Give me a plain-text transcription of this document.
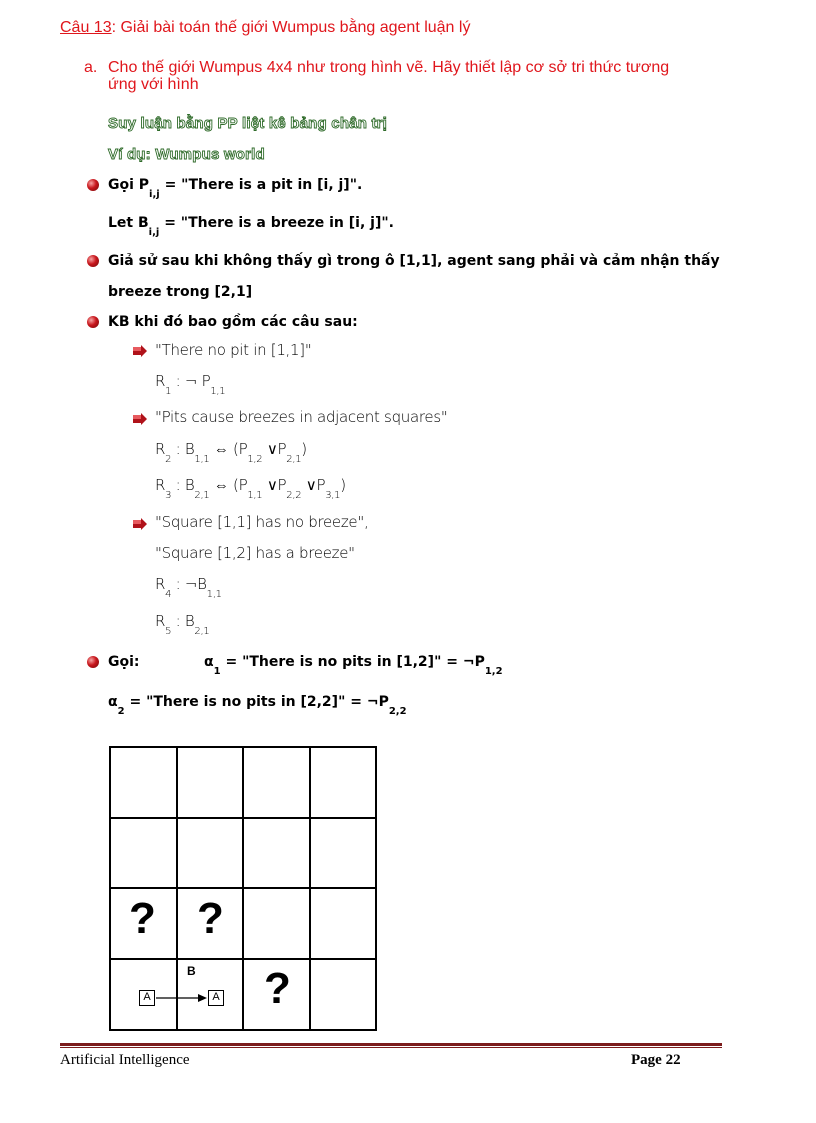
Câu 13: Giải bài toán thế giới Wumpus bằng agent luận lý
a. Cho thế giới Wumpus 4x4 như trong hình vẽ. Hãy thiết lập cơ sở tri thức tương
ứng với hình
Suy luận bằng PP liệt kê bảng chân trị
Ví dụ: Wumpus world
Gọi $P_{i,j}$ = "There is a pit in [i, j]".
Let $B_{i,j}$ = "There is a breeze in [i, j]".
Giả sử sau khi không thấy gì trong ô [1,1], agent sang phải và cảm nhận thấy
breeze trong [2,1]
KB khi đó bao gồm các câu sau:
"There no pit in [1,1]"
$R_1$ : ¬ $P_{1,1}$
"Pits cause breezes in adjacent squares"
$R_2$ : $B_{1,1}$ ⇔ ($P_{1,2}$ $\vee P_{2,1}$)
$R_3$ : $B_{2,1}$ ⇔ ($P_{1,1}$ $\vee P_{2,2}$ $\vee P_{3,1}$)
"Square [1,1] has no breeze",
"Square [1,2] has a breeze"
$R_4$ : $\neg B_{1,1}$
$R_5$ : $B_{2,1}$
Gọi:	$\alpha_1$ = "There is no pits in [1,2]" = $\neg P_{1,2}$
$\alpha_2$ = "There is no pits in [2,2]" = $\neg P_{2,2}$
? ?
?
B
A	A
Artificial Intelligence	Page 22
